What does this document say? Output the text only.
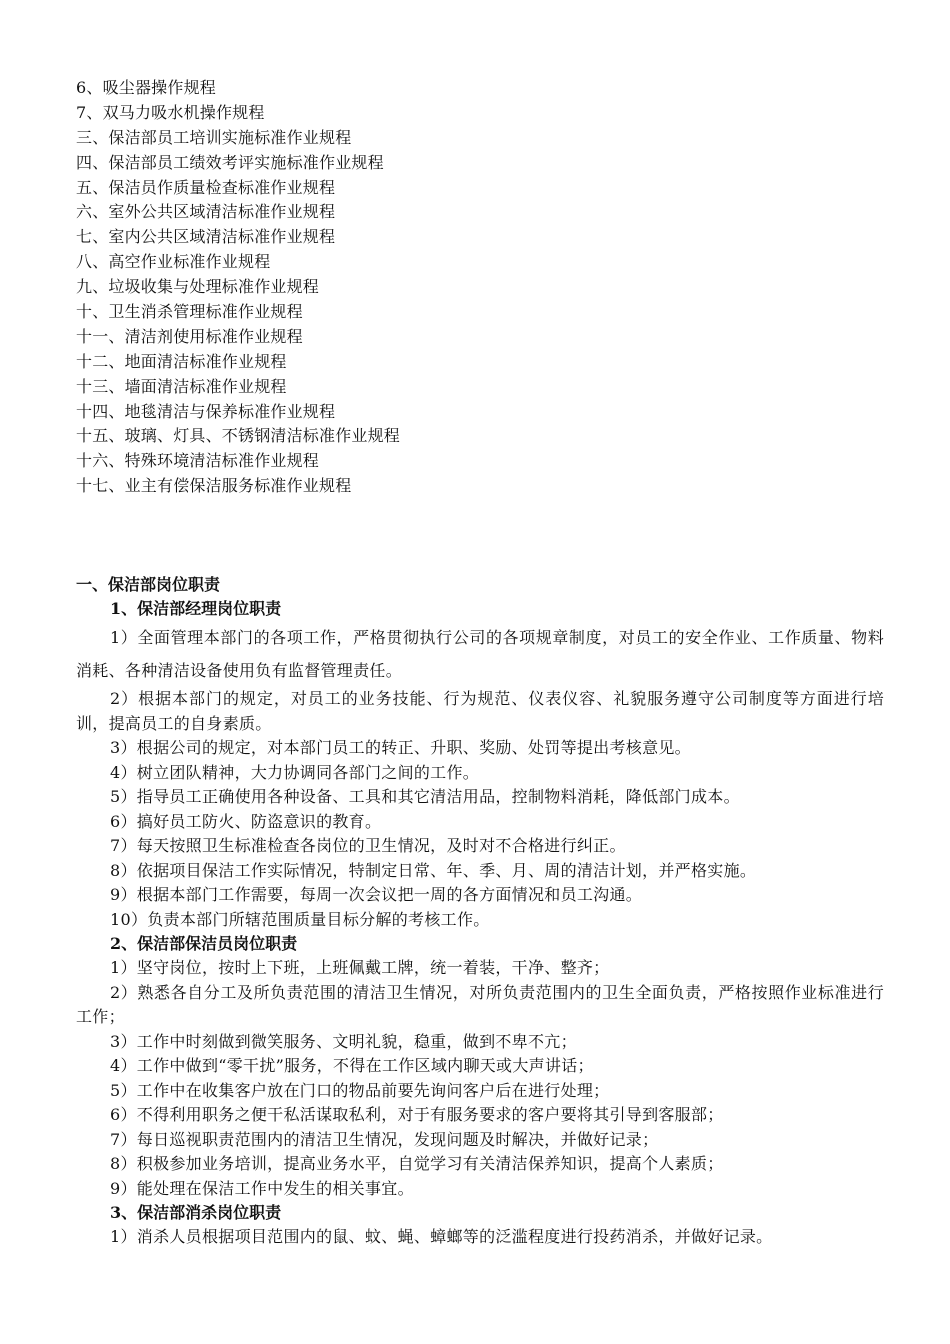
6、吸尘器操作规程
7、双马力吸水机操作规程
三、保洁部员工培训实施标准作业规程
四、保洁部员工绩效考评实施标准作业规程
五、保洁员作质量检查标准作业规程
六、室外公共区域清洁标准作业规程
七、室内公共区域清洁标准作业规程
八、高空作业标准作业规程
九、垃圾收集与处理标准作业规程
十、卫生消杀管理标准作业规程
十一、清洁剂使用标准作业规程
十二、地面清洁标准作业规程
十三、墙面清洁标准作业规程
十四、地毯清洁与保养标准作业规程
十五、玻璃、灯具、不锈钢清洁标准作业规程
十六、特殊环境清洁标准作业规程
十七、业主有偿保洁服务标准作业规程
一、保洁部岗位职责
1、保洁部经理岗位职责
1）全面管理本部门的各项工作，严格贯彻执行公司的各项规章制度，对员工的安全作业、工作质量、物料消耗、各种清洁设备使用负有监督管理责任。
2）根据本部门的规定，对员工的业务技能、行为规范、仪表仪容、礼貌服务遵守公司制度等方面进行培训，提高员工的自身素质。
3）根据公司的规定，对本部门员工的转正、升职、奖励、处罚等提出考核意见。
4）树立团队精神，大力协调同各部门之间的工作。
5）指导员工正确使用各种设备、工具和其它清洁用品，控制物料消耗，降低部门成本。
6）搞好员工防火、防盗意识的教育。
7）每天按照卫生标准检查各岗位的卫生情况，及时对不合格进行纠正。
8）依据项目保洁工作实际情况，特制定日常、年、季、月、周的清洁计划，并严格实施。
9）根据本部门工作需要，每周一次会议把一周的各方面情况和员工沟通。
10）负责本部门所辖范围质量目标分解的考核工作。
2、保洁部保洁员岗位职责
1）坚守岗位，按时上下班，上班佩戴工牌，统一着装，干净、整齐；
2）熟悉各自分工及所负责范围的清洁卫生情况，对所负责范围内的卫生全面负责，严格按照作业标准进行工作；
3）工作中时刻做到微笑服务、文明礼貌，稳重，做到不卑不亢；
4）工作中做到“零干扰”服务，不得在工作区域内聊天或大声讲话；
5）工作中在收集客户放在门口的物品前要先询问客户后在进行处理；
6）不得利用职务之便干私活谋取私利，对于有服务要求的客户要将其引导到客服部；
7）每日巡视职责范围内的清洁卫生情况，发现问题及时解决，并做好记录；
8）积极参加业务培训，提高业务水平，自觉学习有关清洁保养知识，提高个人素质；
9）能处理在保洁工作中发生的相关事宜。
3、保洁部消杀岗位职责
1）消杀人员根据项目范围内的鼠、蚊、蝇、蟑螂等的泛滥程度进行投药消杀，并做好记录。
